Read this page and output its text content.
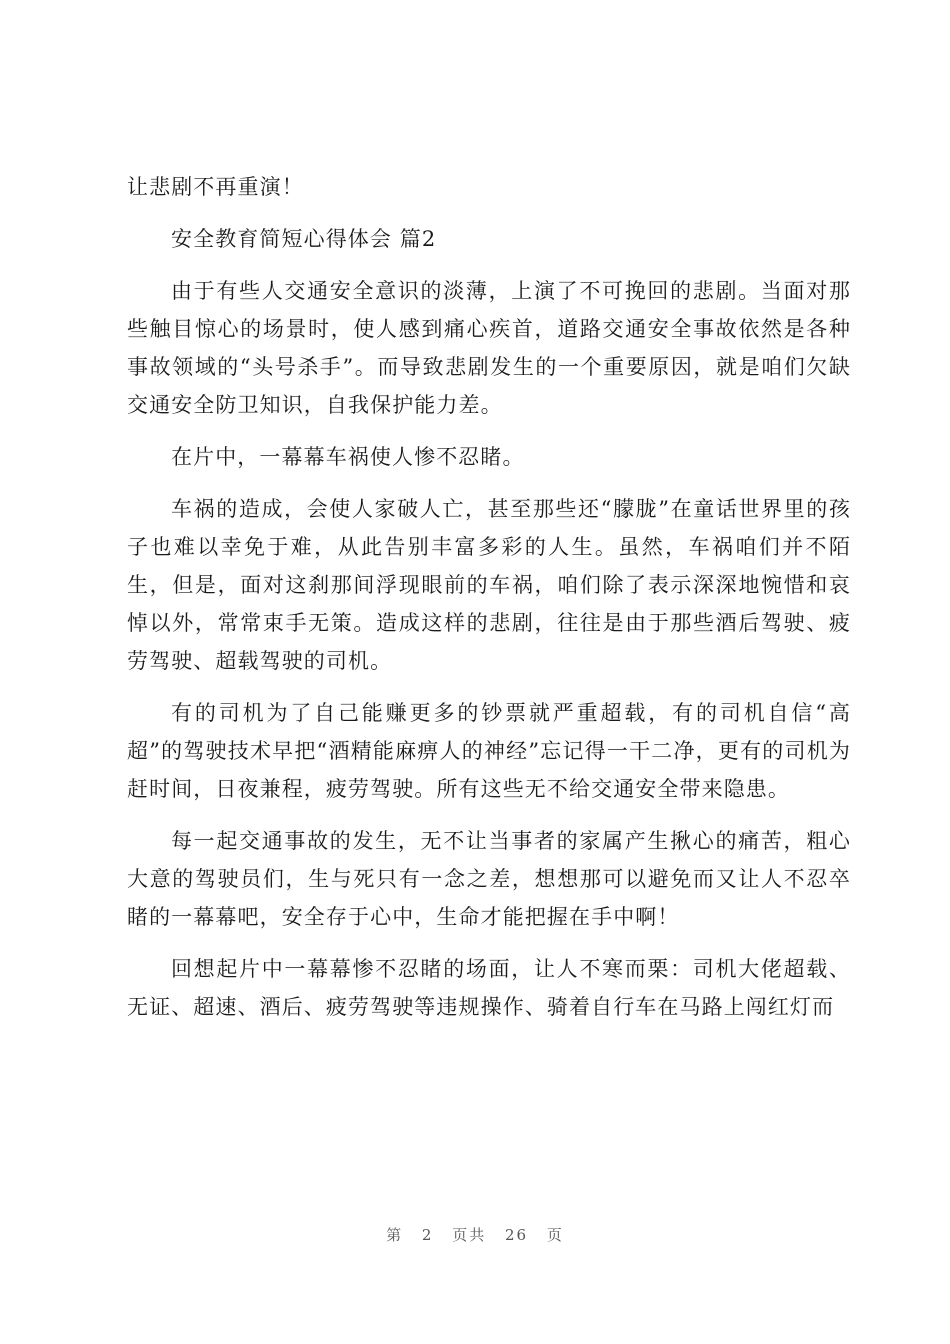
让悲剧不再重演！

安全教育简短心得体会 篇2

由于有些人交通安全意识的淡薄，上演了不可挽回的悲剧。当面对那些触目惊心的场景时，使人感到痛心疾首，道路交通安全事故依然是各种事故领域的“头号杀手”。而导致悲剧发生的一个重要原因，就是咱们欠缺交通安全防卫知识，自我保护能力差。

在片中，一幕幕车祸使人惨不忍睹。

车祸的造成，会使人家破人亡，甚至那些还“朦胧”在童话世界里的孩子也难以幸免于难，从此告别丰富多彩的人生。虽然，车祸咱们并不陌生，但是，面对这刹那间浮现眼前的车祸，咱们除了表示深深地惋惜和哀悼以外，常常束手无策。造成这样的悲剧，往往是由于那些酒后驾驶、疲劳驾驶、超载驾驶的司机。

有的司机为了自己能赚更多的钞票就严重超载，有的司机自信“高超”的驾驶技术早把“酒精能麻痹人的神经”忘记得一干二净，更有的司机为赶时间，日夜兼程，疲劳驾驶。所有这些无不给交通安全带来隐患。

每一起交通事故的发生，无不让当事者的家属产生揪心的痛苦，粗心大意的驾驶员们，生与死只有一念之差，想想那可以避免而又让人不忍卒睹的一幕幕吧，安全存于心中，生命才能把握在手中啊！

回想起片中一幕幕惨不忍睹的场面，让人不寒而栗：司机大佬超载、无证、超速、酒后、疲劳驾驶等违规操作、骑着自行车在马路上闯红灯而

第 2 页共 26 页
